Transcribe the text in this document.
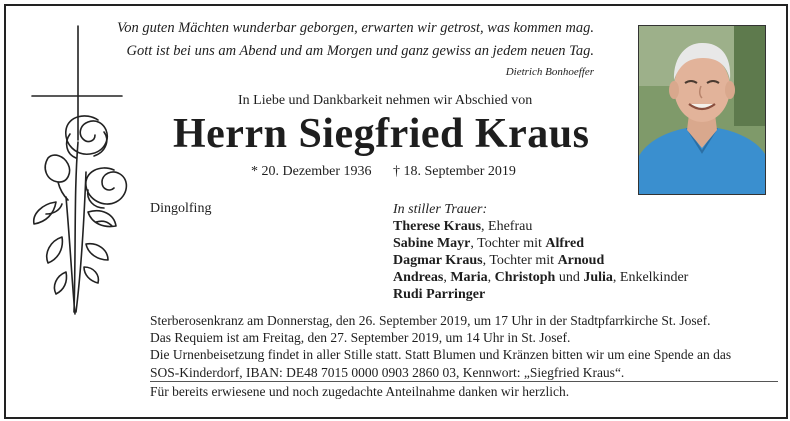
Von guten Mächten wunderbar geborgen, erwarten wir getrost, was kommen mag.
Gott ist bei uns am Abend und am Morgen und ganz gewiss an jedem neuen Tag.
Dietrich Bonhoeffer
In Liebe und Dankbarkeit nehmen wir Abschied von
Herrn Siegfried Kraus
* 20. Dezember 1936 † 18. September 2019
Dingolfing	In stiller Trauer:
Therese Kraus, Ehefrau
Sabine Mayr, Tochter mit Alfred
Dagmar Kraus, Tochter mit Arnoud
Andreas, Maria, Christoph und Julia, Enkelkinder
Rudi Parringer
Sterberosenkranz am Donnerstag, den 26. September 2019, um 17 Uhr in der Stadtpfarrkirche St. Josef.
Das Requiem ist am Freitag, den 27. September 2019, um 14 Uhr in St. Josef.
Die Urnenbeisetzung findet in aller Stille statt. Statt Blumen und Kränzen bitten wir um eine Spende an das
SOS-Kinderdorf, IBAN: DE48 7015 0000 0903 2860 03, Kennwort: „Siegfried Kraus“.
Für bereits erwiesene und noch zugedachte Anteilnahme danken wir herzlich.
